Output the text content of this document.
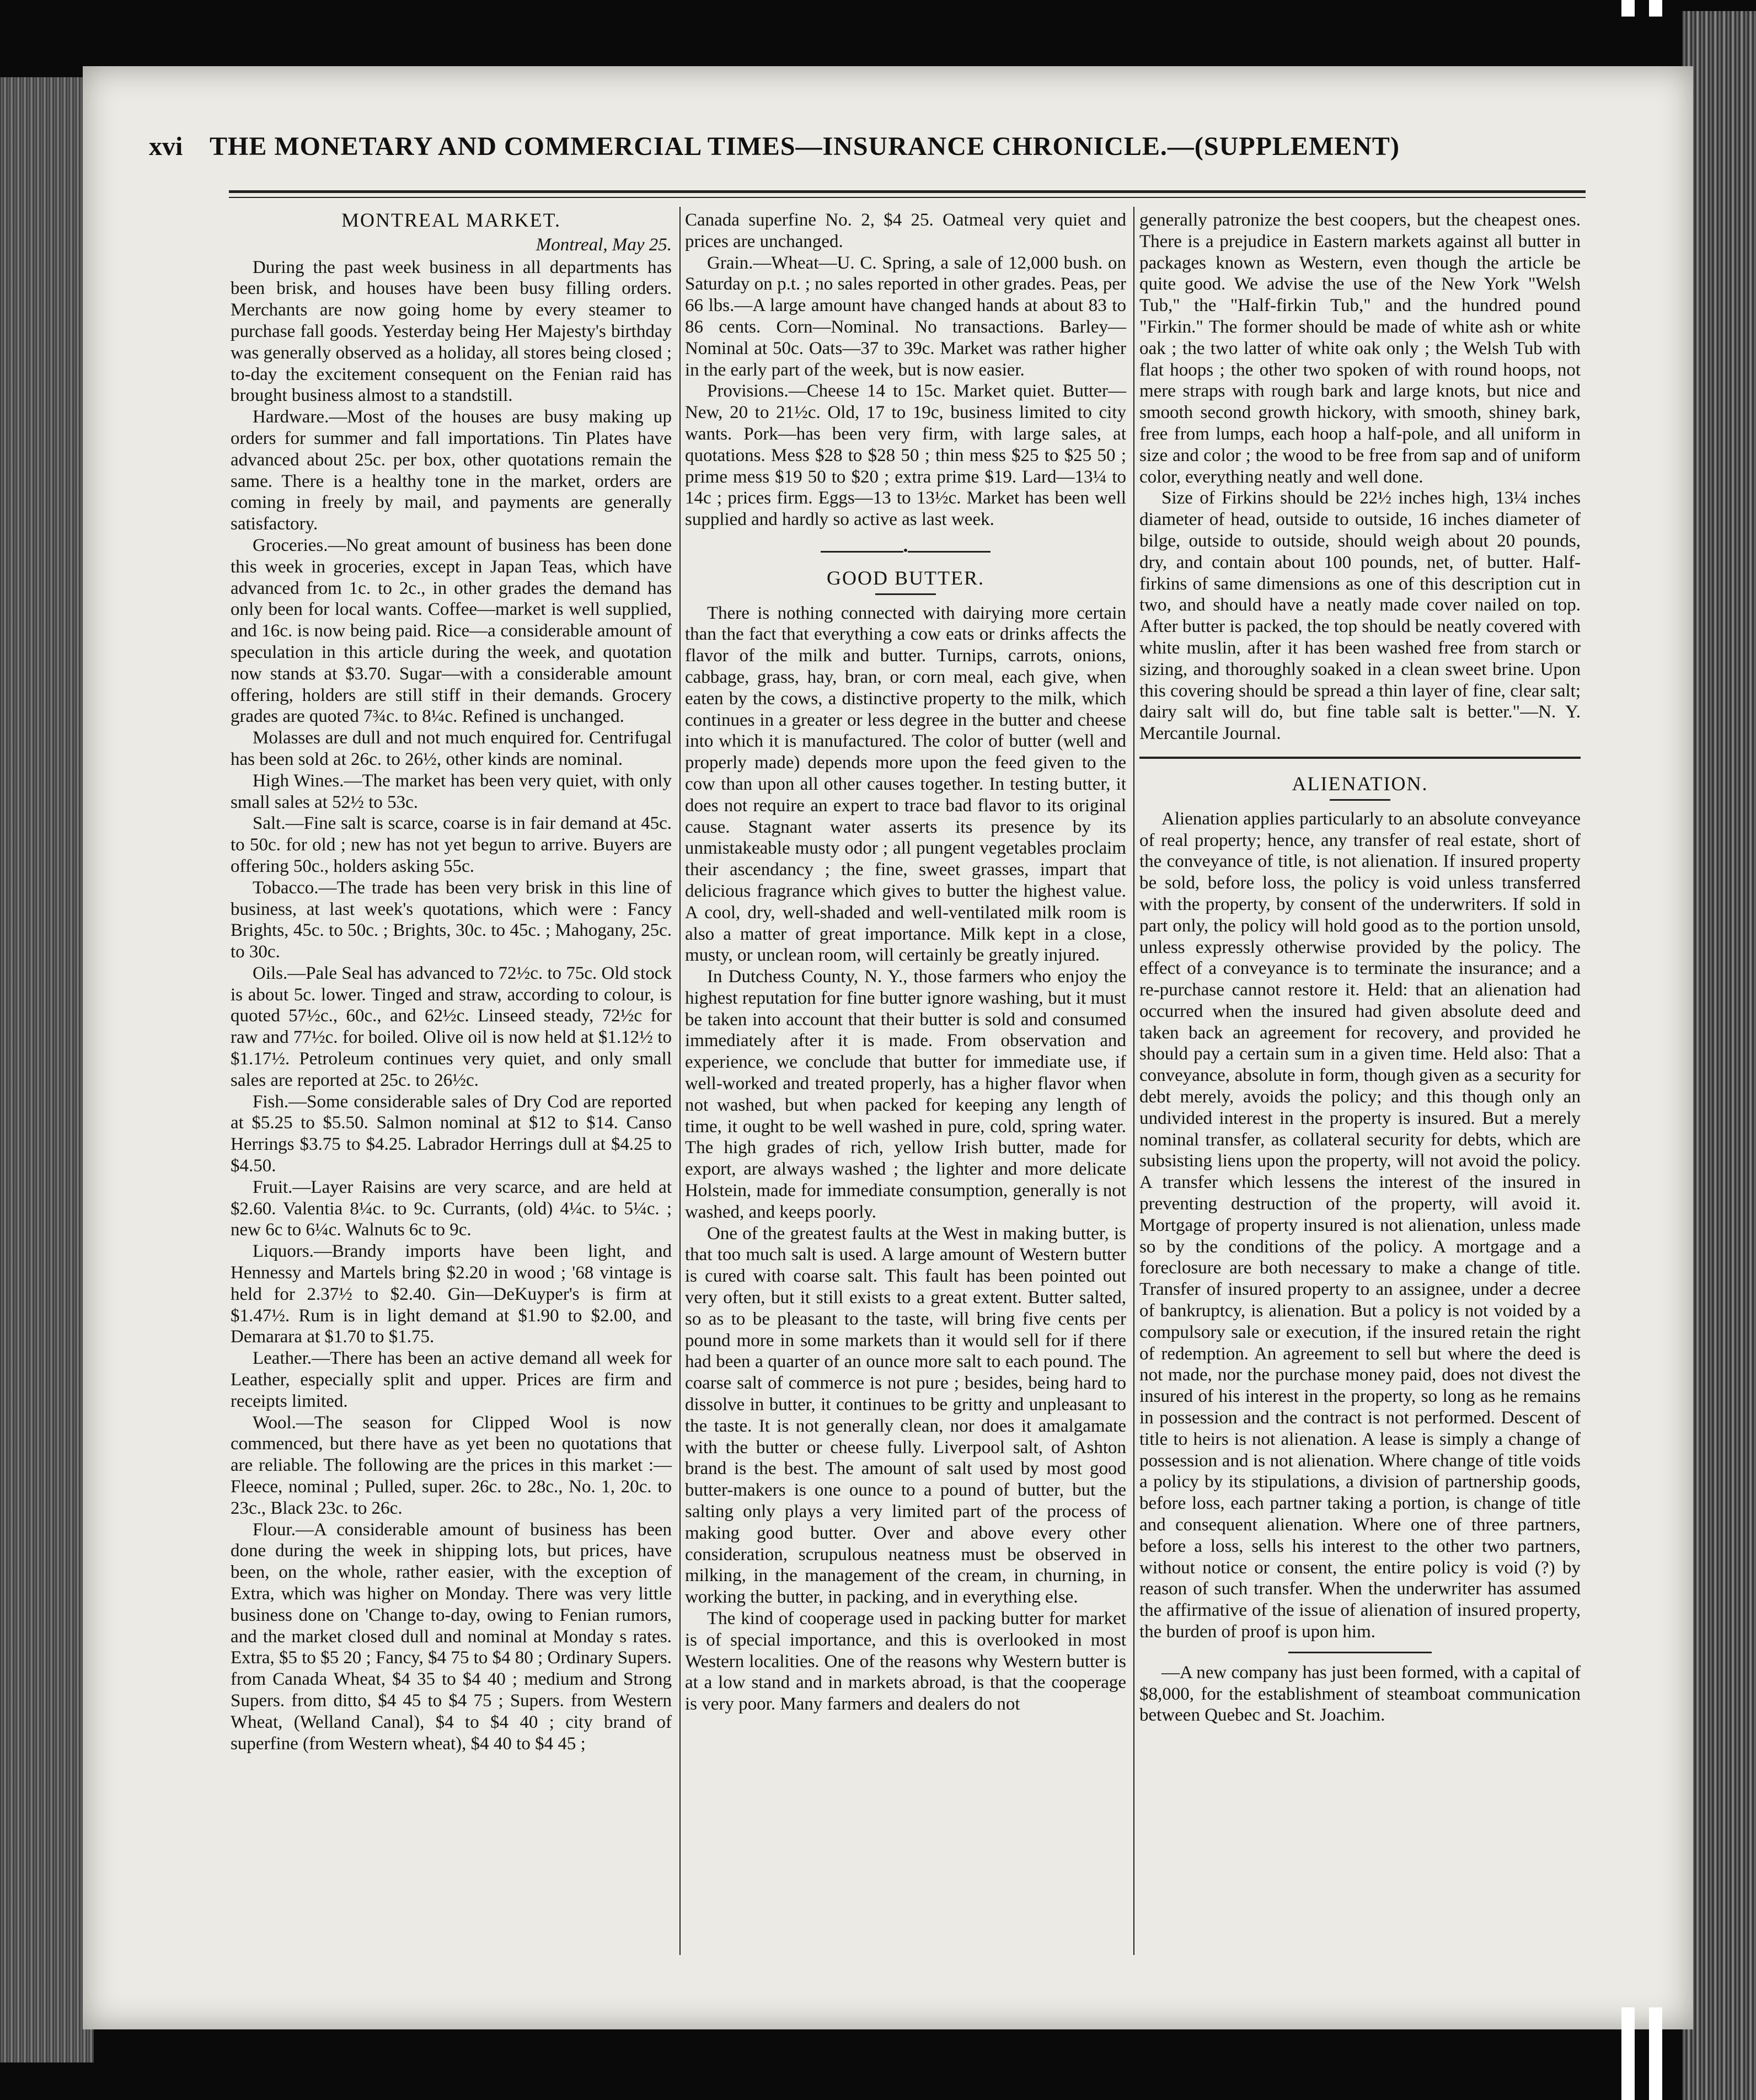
xvi THE MONETARY AND COMMERCIAL TIMES—INSURANCE CHRONICLE.—(SUPPLEMENT)
MONTREAL MARKET.
Montreal, May 25.

During the past week business in all departments has been brisk, and houses have been busy filling orders. Merchants are now going home by every steamer to purchase fall goods. Yesterday being Her Majesty's birthday was generally observed as a holiday, all stores being closed ; to-day the excitement consequent on the Fenian raid has brought business almost to a standstill.

Hardware.—Most of the houses are busy making up orders for summer and fall importations. Tin Plates have advanced about 25c. per box, other quotations remain the same. There is a healthy tone in the market, orders are coming in freely by mail, and payments are generally satisfactory.

Groceries.—No great amount of business has been done this week in groceries, except in Japan Teas, which have advanced from 1c. to 2c., in other grades the demand has only been for local wants. Coffee—market is well supplied, and 16c. is now being paid. Rice—a considerable amount of speculation in this article during the week, and quotation now stands at $3.70. Sugar—with a considerable amount offering, holders are still stiff in their demands. Grocery grades are quoted 7¾c. to 8¼c. Refined is unchanged.

Molasses are dull and not much enquired for. Centrifugal has been sold at 26c. to 26½, other kinds are nominal.

High Wines.—The market has been very quiet, with only small sales at 52½ to 53c.

Salt.—Fine salt is scarce, coarse is in fair demand at 45c. to 50c. for old ; new has not yet begun to arrive. Buyers are offering 50c., holders asking 55c.

Tobacco.—The trade has been very brisk in this line of business, at last week's quotations, which were : Fancy Brights, 45c. to 50c. ; Brights, 30c. to 45c. ; Mahogany, 25c. to 30c.

Oils.—Pale Seal has advanced to 72½c. to 75c. Old stock is about 5c. lower. Tinged and straw, according to colour, is quoted 57½c., 60c., and 62½c. Linseed steady, 72½c for raw and 77½c. for boiled. Olive oil is now held at $1.12½ to $1.17½. Petroleum continues very quiet, and only small sales are reported at 25c. to 26½c.

Fish.—Some considerable sales of Dry Cod are reported at $5.25 to $5.50. Salmon nominal at $12 to $14. Canso Herrings $3.75 to $4.25. Labrador Herrings dull at $4.25 to $4.50.

Fruit.—Layer Raisins are very scarce, and are held at $2.60. Valentia 8¼c. to 9c. Currants, (old) 4¼c. to 5¼c. ; new 6c to 6¼c. Walnuts 6c to 9c.

Liquors.—Brandy imports have been light, and Hennessy and Martels bring $2.20 in wood ; '68 vintage is held for 2.37½ to $2.40. Gin—DeKuyper's is firm at $1.47½. Rum is in light demand at $1.90 to $2.00, and Demarara at $1.70 to $1.75.

Leather.—There has been an active demand all week for Leather, especially split and upper. Prices are firm and receipts limited.

Wool.—The season for Clipped Wool is now commenced, but there have as yet been no quotations that are reliable. The following are the prices in this market :—Fleece, nominal ; Pulled, super. 26c. to 28c., No. 1, 20c. to 23c., Black 23c. to 26c.

Flour.—A considerable amount of business has been done during the week in shipping lots, but prices, have been, on the whole, rather easier, with the exception of Extra, which was higher on Monday. There was very little business done on 'Change to-day, owing to Fenian rumors, and the market closed dull and nominal at Monday s rates. Extra, $5 to $5 20 ; Fancy, $4 75 to $4 80 ; Ordinary Supers. from Canada Wheat, $4 35 to $4 40 ; medium and Strong Supers. from ditto, $4 45 to $4 75 ; Supers. from Western Wheat, (Welland Canal), $4 to $4 40 ; city brand of superfine (from Western wheat), $4 40 to $4 45 ;

Canada superfine No. 2, $4 25. Oatmeal very quiet and prices are unchanged.

Grain.—Wheat—U. C. Spring, a sale of 12,000 bush. on Saturday on p.t. ; no sales reported in other grades. Peas, per 66 lbs.—A large amount have changed hands at about 83 to 86 cents. Corn—Nominal. No transactions. Barley—Nominal at 50c. Oats—37 to 39c. Market was rather higher in the early part of the week, but is now easier.

Provisions.—Cheese 14 to 15c. Market quiet. Butter—New, 20 to 21½c. Old, 17 to 19c, business limited to city wants. Pork—has been very firm, with large sales, at quotations. Mess $28 to $28 50 ; thin mess $25 to $25 50 ; prime mess $19 50 to $20 ; extra prime $19. Lard—13¼ to 14c ; prices firm. Eggs—13 to 13½c. Market has been well supplied and hardly so active as last week.

•
GOOD BUTTER.

There is nothing connected with dairying more certain than the fact that everything a cow eats or drinks affects the flavor of the milk and butter. Turnips, carrots, onions, cabbage, grass, hay, bran, or corn meal, each give, when eaten by the cows, a distinctive property to the milk, which continues in a greater or less degree in the butter and cheese into which it is manufactured. The color of butter (well and properly made) depends more upon the feed given to the cow than upon all other causes together. In testing butter, it does not require an expert to trace bad flavor to its original cause. Stagnant water asserts its presence by its unmistakeable musty odor ; all pungent vegetables proclaim their ascendancy ; the fine, sweet grasses, impart that delicious fragrance which gives to butter the highest value. A cool, dry, well-shaded and well-ventilated milk room is also a matter of great importance. Milk kept in a close, musty, or unclean room, will certainly be greatly injured.

In Dutchess County, N. Y., those farmers who enjoy the highest reputation for fine butter ignore washing, but it must be taken into account that their butter is sold and consumed immediately after it is made. From observation and experience, we conclude that butter for immediate use, if well-worked and treated properly, has a higher flavor when not washed, but when packed for keeping any length of time, it ought to be well washed in pure, cold, spring water. The high grades of rich, yellow Irish butter, made for export, are always washed ; the lighter and more delicate Holstein, made for immediate consumption, generally is not washed, and keeps poorly.

One of the greatest faults at the West in making butter, is that too much salt is used. A large amount of Western butter is cured with coarse salt. This fault has been pointed out very often, but it still exists to a great extent. Butter salted, so as to be pleasant to the taste, will bring five cents per pound more in some markets than it would sell for if there had been a quarter of an ounce more salt to each pound. The coarse salt of commerce is not pure ; besides, being hard to dissolve in butter, it continues to be gritty and unpleasant to the taste. It is not generally clean, nor does it amalgamate with the butter or cheese fully. Liverpool salt, of Ashton brand is the best. The amount of salt used by most good butter-makers is one ounce to a pound of butter, but the salting only plays a very limited part of the process of making good butter. Over and above every other consideration, scrupulous neatness must be observed in milking, in the management of the cream, in churning, in working the butter, in packing, and in everything else.

The kind of cooperage used in packing butter for market is of special importance, and this is overlooked in most Western localities. One of the reasons why Western butter is at a low stand and in markets abroad, is that the cooperage is very poor. Many farmers and dealers do not

generally patronize the best coopers, but the cheapest ones. There is a prejudice in Eastern markets against all butter in packages known as Western, even though the article be quite good. We advise the use of the New York "Welsh Tub," the "Half-firkin Tub," and the hundred pound "Firkin." The former should be made of white ash or white oak ; the two latter of white oak only ; the Welsh Tub with flat hoops ; the other two spoken of with round hoops, not mere straps with rough bark and large knots, but nice and smooth second growth hickory, with smooth, shiney bark, free from lumps, each hoop a half-pole, and all uniform in size and color ; the wood to be free from sap and of uniform color, everything neatly and well done.

Size of Firkins should be 22½ inches high, 13¼ inches diameter of head, outside to outside, 16 inches diameter of bilge, outside to outside, should weigh about 20 pounds, dry, and contain about 100 pounds, net, of butter. Half-firkins of same dimensions as one of this description cut in two, and should have a neatly made cover nailed on top. After butter is packed, the top should be neatly covered with white muslin, after it has been washed free from starch or sizing, and thoroughly soaked in a clean sweet brine. Upon this covering should be spread a thin layer of fine, clear salt; dairy salt will do, but fine table salt is better."—N. Y. Mercantile Journal.

ALIENATION.

Alienation applies particularly to an absolute conveyance of real property; hence, any transfer of real estate, short of the conveyance of title, is not alienation. If insured property be sold, before loss, the policy is void unless transferred with the property, by consent of the underwriters. If sold in part only, the policy will hold good as to the portion unsold, unless expressly otherwise provided by the policy. The effect of a conveyance is to terminate the insurance; and a re-purchase cannot restore it. Held: that an alienation had occurred when the insured had given absolute deed and taken back an agreement for recovery, and provided he should pay a certain sum in a given time. Held also: That a conveyance, absolute in form, though given as a security for debt merely, avoids the policy; and this though only an undivided interest in the property is insured. But a merely nominal transfer, as collateral security for debts, which are subsisting liens upon the property, will not avoid the policy. A transfer which lessens the interest of the insured in preventing destruction of the property, will avoid it. Mortgage of property insured is not alienation, unless made so by the conditions of the policy. A mortgage and a foreclosure are both necessary to make a change of title. Transfer of insured property to an assignee, under a decree of bankruptcy, is alienation. But a policy is not voided by a compulsory sale or execution, if the insured retain the right of redemption. An agreement to sell but where the deed is not made, nor the purchase money paid, does not divest the insured of his interest in the property, so long as he remains in possession and the contract is not performed. Descent of title to heirs is not alienation. A lease is simply a change of possession and is not alienation. Where change of title voids a policy by its stipulations, a division of partnership goods, before loss, each partner taking a portion, is change of title and consequent alienation. Where one of three partners, before a loss, sells his interest to the other two partners, without notice or consent, the entire policy is void (?) by reason of such transfer. When the underwriter has assumed the affirmative of the issue of alienation of insured property, the burden of proof is upon him.

—A new company has just been formed, with a capital of $8,000, for the establishment of steamboat communication between Quebec and St. Joachim.
